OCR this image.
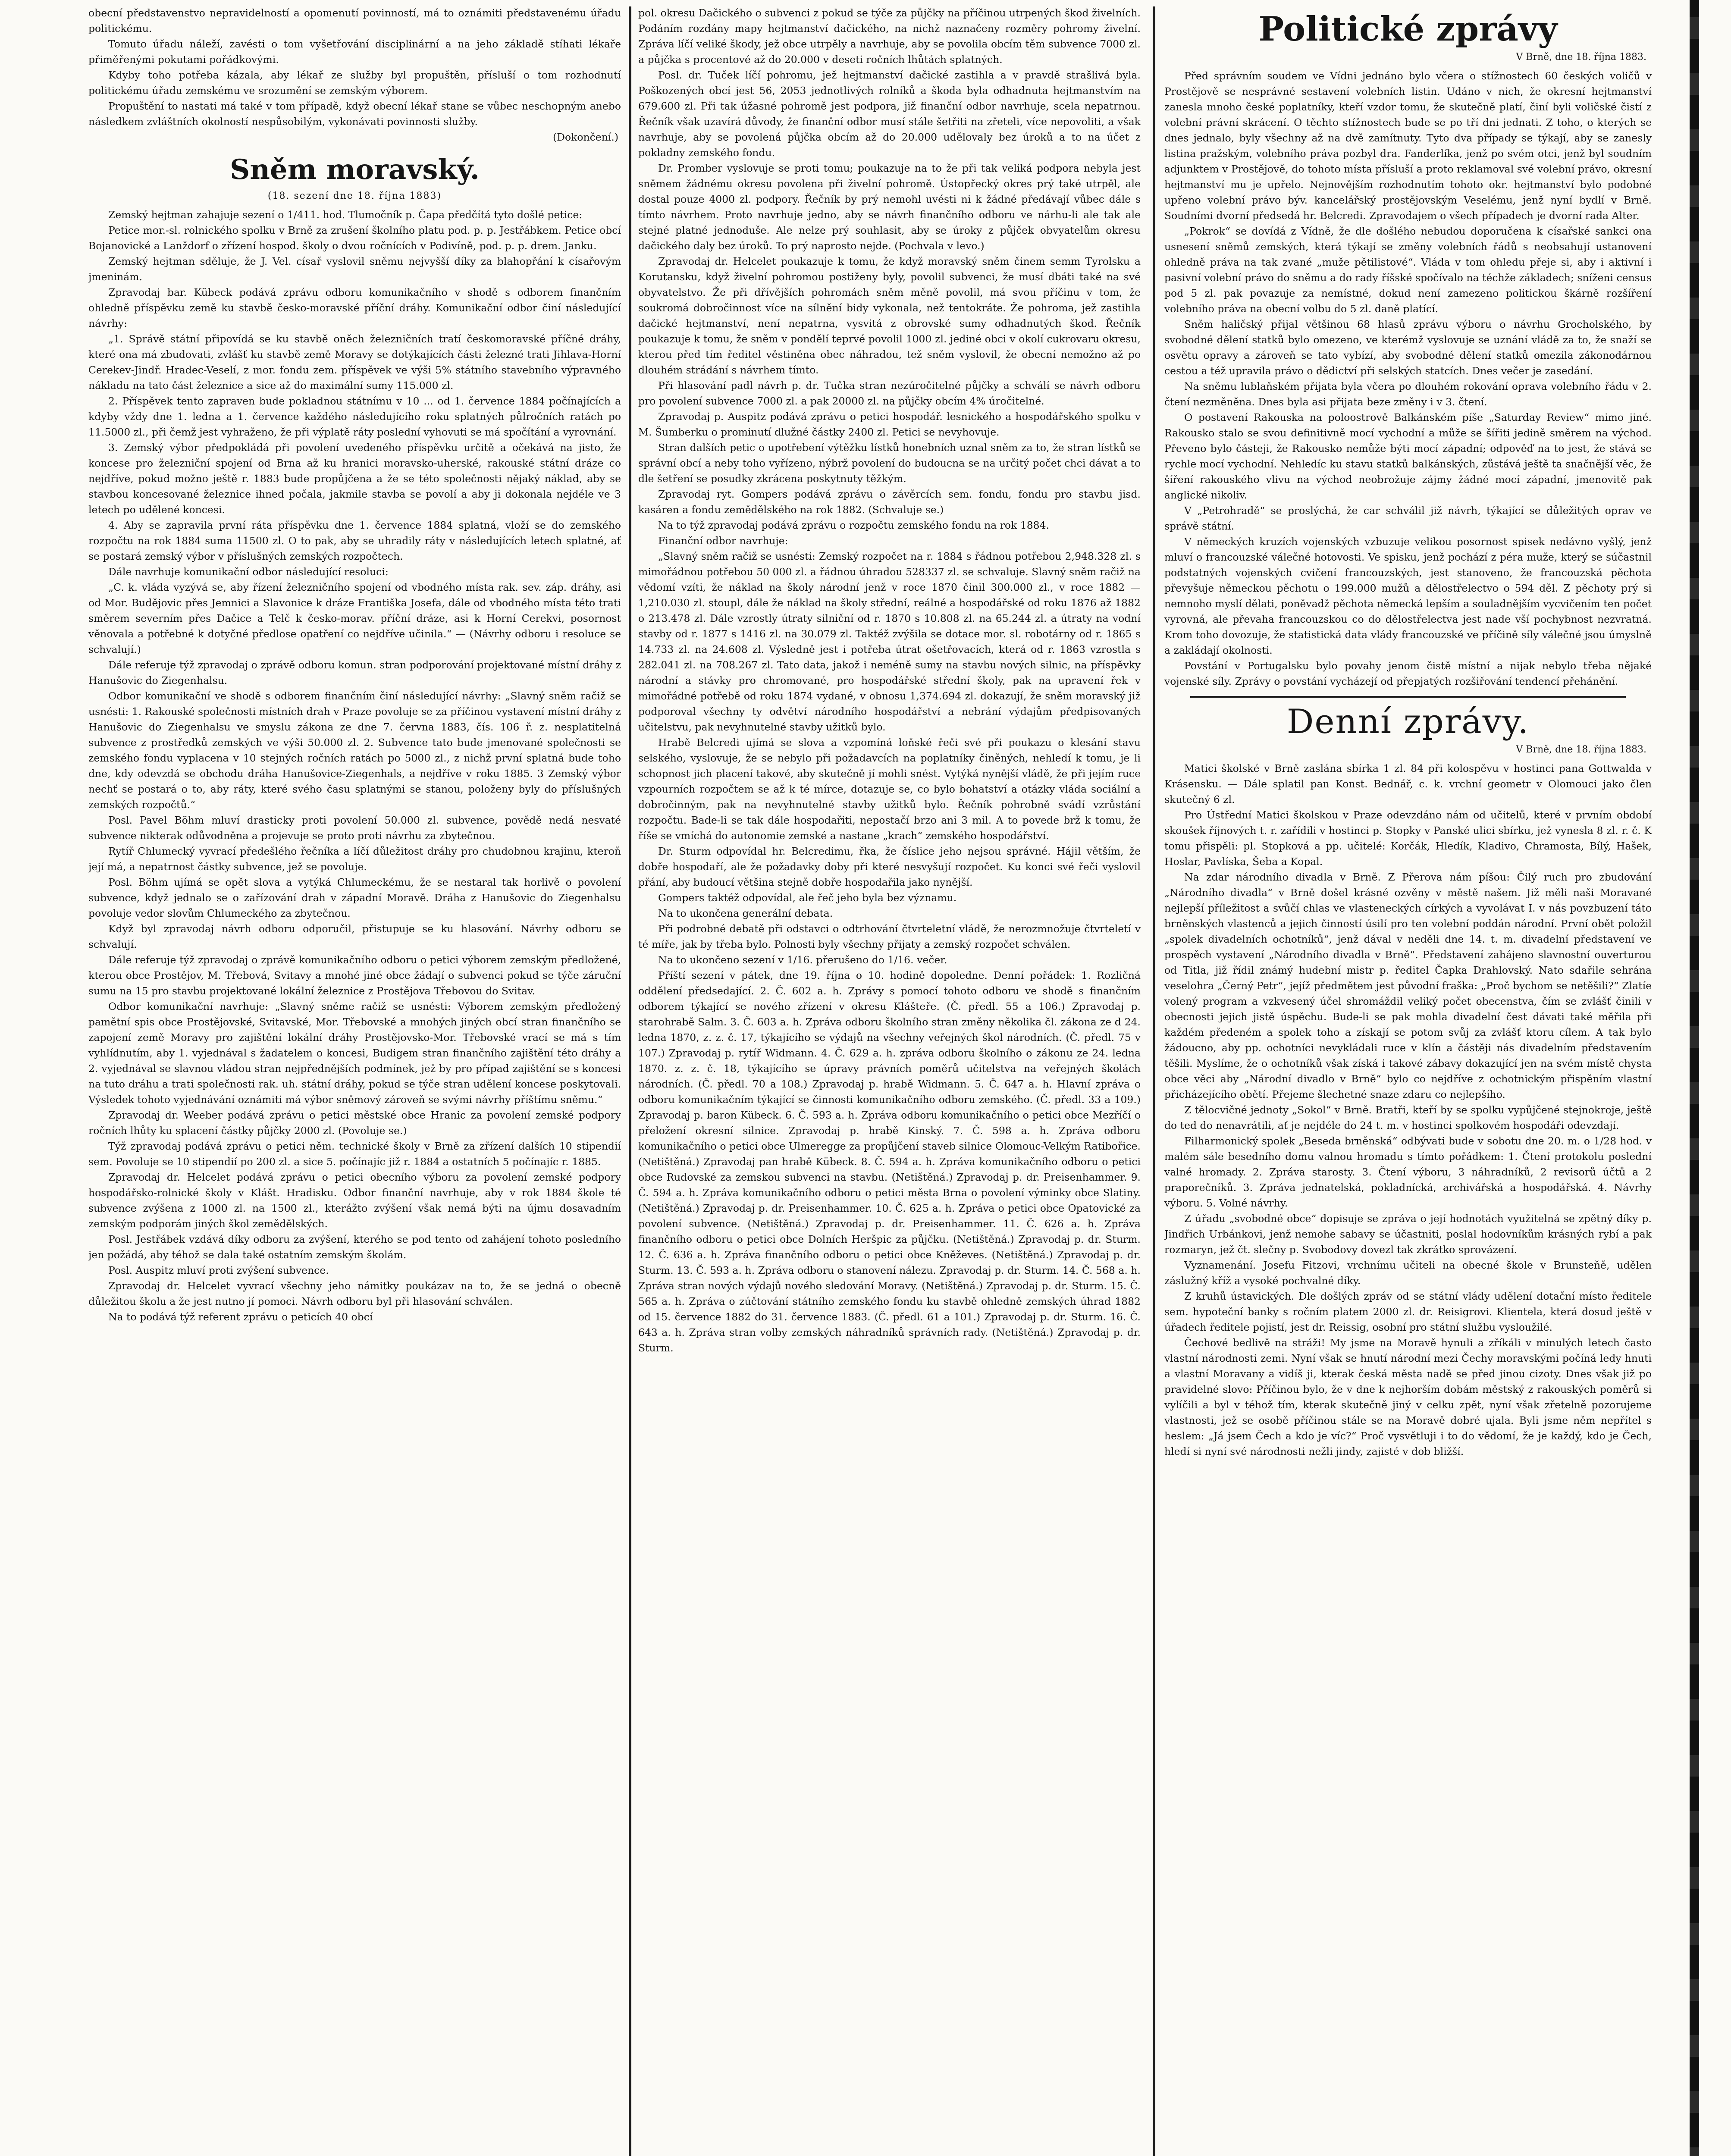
obecní představenstvo nepravidelností a opomenutí povinností, má to oznámiti představenému úřadu politickému.

Tomuto úřadu náleží, zavésti o tom vyšetřování disciplinární a na jeho základě stíhati lékaře přiměřenými pokutami pořádkovými.

Kdyby toho potřeba kázala, aby lékař ze služby byl propuštěn, přísluší o tom rozhodnutí politickému úřadu zemskému ve srozumění se zemským výborem.

Propuštění to nastati má také v tom případě, když obecní lékař stane se vůbec neschopným anebo následkem zvláštních okolností nespůsobilým, vykonávati povinnosti služby.

(Dokončení.)

Sněm moravský.
(18. sezení dne 18. října 1883)

Zemský hejtman zahajuje sezení o 1/411. hod. Tlumočník p. Čapa předčítá tyto došlé petice:

Petice mor.-sl. rolnického spolku v Brně za zrušení školního platu pod. p. p. Jestřábkem. Petice obcí Bojanovické a Lanždorf o zřízení hospod. školy o dvou ročnících v Podivíně, pod. p. p. drem. Janku.

Zemský hejtman sděluje, že J. Vel. císař vyslovil sněmu nejvyšší díky za blahopřání k císařovým jmeninám.

Zpravodaj bar. Kübeck podává zprávu odboru komunikačního v shodě s odborem finančním ohledně příspěvku země ku stavbě česko-moravské příční dráhy. Komunikační odbor činí následující návrhy:

„1. Správě státní připovídá se ku stavbě oněch železničních tratí českomoravské příčné dráhy, které ona má zbudovati, zvlášť ku stavbě země Moravy se dotýkajících části železné trati Jihlava-Horní Cerekev-Jindř. Hradec-Veselí, z mor. fondu zem. příspěvek ve výši 5% státního stavebního výpravného nákladu na tato část železnice a sice až do maximální sumy 115.000 zl.

2. Příspěvek tento zapraven bude pokladnou státnímu v 10 ... od 1. července 1884 počínajících a kdyby vždy dne 1. ledna a 1. července každého následujícího roku splatných půlročních ratách po 11.5000 zl., při čemž jest vyhraženo, že při výplatě ráty poslední vyhovuti se má spočítání a vyrovnání.

3. Zemský výbor předpokládá při povolení uvedeného příspěvku určitě a očekává na jisto, že koncese pro železniční spojení od Brna až ku hranici moravsko-uherské, rakouské státní dráze co nejdříve, pokud možno ještě r. 1883 bude propůjčena a že se této společnosti nějaký náklad, aby se stavbou koncesované železnice ihned počala, jakmile stavba se povolí a aby ji dokonala nejdéle ve 3 letech po udělené koncesi.

4. Aby se zapravila první ráta příspěvku dne 1. července 1884 splatná, vloží se do zemského rozpočtu na rok 1884 suma 11500 zl. O to pak, aby se uhradily ráty v následujících letech splatné, ať se postará zemský výbor v příslušných zemských rozpočtech.

Dále navrhuje komunikační odbor následující resoluci:

„C. k. vláda vyzývá se, aby řízení železničního spojení od vbodného místa rak. sev. záp. dráhy, asi od Mor. Budějovic přes Jemnici a Slavonice k dráze Františka Josefa, dále od vbodného místa této trati směrem severním přes Dačice a Telč k česko-morav. příční dráze, asi k Horní Cerekvi, posornost věnovala a potřebné k dotyčné předlose opatření co nejdříve učinila.“ — (Návrhy odboru i resoluce se schvalují.)

Dále referuje týž zpravodaj o zprávě odboru komun. stran podporování projektované místní dráhy z Hanušovic do Ziegenhalsu.

Odbor komunikační ve shodě s odborem finančním činí následující návrhy: „Slavný sněm račiž se usnésti: 1. Rakouské společnosti místních drah v Praze povoluje se za příčinou vystavení místní dráhy z Hanušovic do Ziegenhalsu ve smyslu zákona ze dne 7. června 1883, čís. 106 ř. z. nesplatitelná subvence z prostředků zemských ve výši 50.000 zl. 2. Subvence tato bude jmenované společnosti se zemského fondu vyplacena v 10 stejných ročních ratách po 5000 zl., z nichž první splatná bude toho dne, kdy odevzdá se obchodu dráha Hanušovice-Ziegenhals, a nejdříve v roku 1885. 3 Zemský výbor nechť se postará o to, aby ráty, které svého času splatnými se stanou, položeny byly do příslušných zemských rozpočtů.“

Posl. Pavel Böhm mluví drasticky proti povolení 50.000 zl. subvence, povědě nedá nesvaté subvence nikterak odůvodněna a projevuje se proto proti návrhu za zbytečnou.

Rytíř Chlumecký vyvrací předešlého řečníka a líčí důležitost dráhy pro chudobnou krajinu, kteroň její má, a nepatrnost částky subvence, jež se povoluje.

Posl. Böhm ujímá se opět slova a vytýká Chlumeckému, že se nestaral tak horlivě o povolení subvence, když jednalo se o zařízování drah v západní Moravě. Dráha z Hanušovic do Ziegenhalsu povoluje vedor slovům Chlumeckého za zbytečnou.

Když byl zpravodaj návrh odboru odporučil, přistupuje se ku hlasování. Návrhy odboru se schvalují.

Dále referuje týž zpravodaj o zprávě komunikačního odboru o petici výborem zemským předložené, kterou obce Prostějov, M. Třebová, Svitavy a mnohé jiné obce žádají o subvenci pokud se týče záruční sumu na 15 pro stavbu projektované lokální železnice z Prostějova Třebovou do Svitav.

Odbor komunikační navrhuje: „Slavný sněme račiž se usnésti: Výborem zemským předložený pamětní spis obce Prostějovské, Svitavské, Mor. Třebovské a mnohých jiných obcí stran finančního se zapojení země Moravy pro zajištění lokální dráhy Prostějovsko-Mor. Třebovské vrací se má s tím vyhlídnutím, aby 1. vyjednával s žadatelem o koncesi, Budigem stran finančního zajištění této dráhy a 2. vyjednával se slavnou vládou stran nejpřednějších podmínek, jež by pro případ zajištění se s koncesi na tuto dráhu a trati společnosti rak. uh. státní dráhy, pokud se týče stran udělení koncese poskytovali. Výsledek tohoto vyjednávání oznámiti má výbor sněmový zároveň se svými návrhy příštímu sněmu.“

Zpravodaj dr. Weeber podává zprávu o petici městské obce Hranic za povolení zemské podpory ročních lhůty ku splacení částky půjčky 2000 zl. (Povoluje se.)

Týž zpravodaj podává zprávu o petici něm. technické školy v Brně za zřízení dalších 10 stipendií sem. Povoluje se 10 stipendií po 200 zl. a sice 5. počínajíc již r. 1884 a ostatních 5 počínajíc r. 1885.

Zpravodaj dr. Helcelet podává zprávu o petici obecního výboru za povolení zemské podpory hospodářsko-rolnické školy v Klášt. Hradisku. Odbor finanční navrhuje, aby v rok 1884 škole té subvence zvýšena z 1000 zl. na 1500 zl., kterážto zvýšení však nemá býti na újmu dosavadním zemským podporám jiných škol zemědělských.

Posl. Jestřábek vzdává díky odboru za zvýšení, kterého se pod tento od zahájení tohoto posledního jen požádá, aby téhož se dala také ostatním zemským školám.

Posl. Auspitz mluví proti zvýšení subvence.

Zpravodaj dr. Helcelet vyvrací všechny jeho námitky poukázav na to, že se jedná o obecně důležitou školu a že jest nutno jí pomoci. Návrh odboru byl při hlasování schválen.

Na to podává týž referent zprávu o peticích 40 obcí

pol. okresu Dačického o subvenci z pokud se týče za půjčky na příčinou utrpených škod živelních. Podáním rozdány mapy hejtmanství dačického, na nichž naznačeny rozměry pohromy živelní. Zpráva líčí veliké škody, jež obce utrpěly a navrhuje, aby se povolila obcím těm subvence 7000 zl. a půjčka s procentové až do 20.000 v deseti ročních lhůtách splatných.

Posl. dr. Tuček líčí pohromu, jež hejtmanství dačické zastihla a v pravdě strašlivá byla. Poškozených obcí jest 56, 2053 jednotlivých rolníků a škoda byla odhadnuta hejtmanstvím na 679.600 zl. Při tak úžasné pohromě jest podpora, již finanční odbor navrhuje, scela nepatrnou. Řečník však uzavírá důvody, že finanční odbor musí stále šetřiti na zřeteli, více nepovoliti, a však navrhuje, aby se povolená půjčka obcím až do 20.000 udělovaly bez úroků a to na účet z pokladny zemského fondu.

Dr. Promber vyslovuje se proti tomu; poukazuje na to že při tak veliká podpora nebyla jest sněmem žádnému okresu povolena při živelní pohromě. Ústopřecký okres prý také utrpěl, ale dostal pouze 4000 zl. podpory. Řečník by prý nemohl uvésti ni k žádné předávají vůbec dále s tímto návrhem. Proto navrhuje jedno, aby se návrh finančního odboru ve nárhu-li ale tak ale stejné platné jednoduše. Ale nelze prý souhlasit, aby se úroky z půjček obvyatelům okresu dačického daly bez úroků. To prý naprosto nejde. (Pochvala v levo.)

Zpravodaj dr. Helcelet poukazuje k tomu, že když moravský sněm činem semm Tyrolsku a Korutansku, když živelní pohromou postiženy byly, povolil subvenci, že musí dbáti také na své obyvatelstvo. Že při dřívějších pohromách sněm měně povolil, má svou příčinu v tom, že soukromá dobročinnost více na sílnění bidy vykonala, než tentokráte. Že pohroma, jež zastihla dačické hejtmanství, není nepatrna, vysvitá z obrovské sumy odhadnutých škod. Řečník poukazuje k tomu, že sněm v pondělí teprvé povolil 1000 zl. jediné obci v okolí cukrovaru okresu, kterou před tím ředitel věstiněna obec náhradou, tež sněm vyslovil, že obecní nemožno až po dlouhém strádání s návrhem tímto.

Při hlasování padl návrh p. dr. Tučka stran nezúročitelné půjčky a schválí se návrh odboru pro povolení subvence 7000 zl. a pak 20000 zl. na půjčky obcím 4% úročitelné.

Zpravodaj p. Auspitz podává zprávu o petici hospodář. lesnického a hospodářského spolku v M. Šumberku o prominutí dlužné částky 2400 zl. Petici se nevyhovuje.

Stran dalších petic o upotřebení výtěžku lístků honebních uznal sněm za to, že stran lístků se správní obcí a neby toho vyřízeno, nýbrž povolení do budoucna se na určitý počet chci dávat a to dle šetření se posudky zkrácena poskytnuty těžkým.

Zpravodaj ryt. Gompers podává zprávu o závěrcích sem. fondu, fondu pro stavbu jisd. kasáren a fondu zemědělského na rok 1882. (Schvaluje se.)

Na to týž zpravodaj podává zprávu o rozpočtu zemského fondu na rok 1884.

Finanční odbor navrhuje:

„Slavný sněm račiž se usnésti: Zemský rozpočet na r. 1884 s řádnou potřebou 2,948.328 zl. s mimořádnou potřebou 50 000 zl. a řádnou úhradou 528337 zl. se schvaluje. Slavný sněm račiž na vědomí vzíti, že náklad na školy národní jenž v roce 1870 činil 300.000 zl., v roce 1882 — 1,210.030 zl. stoupl, dále že náklad na školy střední, reálné a hospodářské od roku 1876 až 1882 o 213.478 zl. Dále vzrostly útraty silniční od r. 1870 s 10.808 zl. na 65.244 zl. a útraty na vodní stavby od r. 1877 s 1416 zl. na 30.079 zl. Taktéž zvýšila se dotace mor. sl. robotárny od r. 1865 s 14.733 zl. na 24.608 zl. Výsledně jest i potřeba útrat ošetřovacích, která od r. 1863 vzrostla s 282.041 zl. na 708.267 zl. Tato data, jakož i neméně sumy na stavbu nových silnic, na příspěvky národní a stávky pro chromované, pro hospodářské střední školy, pak na upravení řek v mimořádné potřebě od roku 1874 vydané, v obnosu 1,374.694 zl. dokazují, že sněm moravský již podporoval všechny ty odvětví národního hospodářství a nebrání výdajům předpisovaných učitelstvu, pak nevyhnutelné stavby užitků bylo.

Hrabě Belcredi ujímá se slova a vzpomíná loňské řeči své při poukazu o klesání stavu selského, vyslovuje, že se nebylo při požadavcích na poplatníky činěných, nehledí k tomu, je li schopnost jich placení takové, aby skutečně jí mohli snést. Vytýká nynější vládě, že při jejím ruce vzpourních rozpočtem se až k té mírce, dotazuje se, co bylo bohatství a otázky vláda sociální a dobročinným, pak na nevyhnutelné stavby užitků bylo. Řečník pohrobně svádí vzrůstání rozpočtu. Bade-li se tak dále hospodařiti, nepostačí brzo ani 3 mil. A to povede brž k tomu, že říše se vmíchá do autonomie zemské a nastane „krach“ zemského hospodářství.

Dr. Sturm odpovídal hr. Belcredimu, řka, že číslice jeho nejsou správné. Hájil větším, že dobře hospodaří, ale že požadavky doby při které nesvyšují rozpočet. Ku konci své řeči vyslovil přání, aby budoucí většina stejně dobře hospodařila jako nynější.

Gompers taktéž odpovídal, ale řeč jeho byla bez významu.

Na to ukončena generální debata.

Při podrobné debatě při odstavci o odtrhování čtvrteletní vládě, že nerozmnožuje čtvrteletí v té míře, jak by třeba bylo. Polnosti byly všechny přijaty a zemský rozpočet schválen.

Na to ukončeno sezení v 1/16. přerušeno do 1/16. večer.

Příští sezení v pátek, dne 19. října o 10. hodině dopoledne. Denní pořádek: 1. Rozličná oddělení předsedající. 2. Č. 602 a. h. Zprávy s pomocí tohoto odboru ve shodě s finančním odborem týkající se nového zřízení v okresu Klášteře. (Č. předl. 55 a 106.) Zpravodaj p. starohrabě Salm. 3. Č. 603 a. h. Zpráva odboru školního stran změny několika čl. zákona ze d 24. ledna 1870, z. z. č. 17, týkajícího se výdajů na všechny veřejných škol národních. (Č. předl. 75 v 107.) Zpravodaj p. rytíř Widmann. 4. Č. 629 a. h. zpráva odboru školního o zákonu ze 24. ledna 1870. z. z. č. 18, týkajícího se úpravy právních poměrů učitelstva na veřejných školách národních. (Č. předl. 70 a 108.) Zpravodaj p. hrabě Widmann. 5. Č. 647 a. h. Hlavní zpráva o odboru komunikačním týkající se činnosti komunikačního odboru zemského. (Č. předl. 33 a 109.) Zpravodaj p. baron Kübeck. 6. Č. 593 a. h. Zpráva odboru komunikačního o petici obce Mezříčí o přeložení okresní silnice. Zpravodaj p. hrabě Kinský. 7. Č. 598 a. h. Zpráva odboru komunikačního o petici obce Ulmeregge za propůjčení staveb silnice Olomouc-Velkým Ratibořice. (Netištěná.) Zpravodaj pan hrabě Kübeck. 8. Č. 594 a. h. Zpráva komunikačního odboru o petici obce Rudovské za zemskou subvenci na stavbu. (Netištěná.) Zpravodaj p. dr. Preisenhammer. 9. Č. 594 a. h. Zpráva komunikačního odboru o petici města Brna o povolení výminky obce Slatiny. (Netištěná.) Zpravodaj p. dr. Preisenhammer. 10. Č. 625 a. h. Zpráva o petici obce Opatovické za povolení subvence. (Netištěná.) Zpravodaj p. dr. Preisenhammer. 11. Č. 626 a. h. Zpráva finančního odboru o petici obce Dolních Heršpic za půjčku. (Netištěná.) Zpravodaj p. dr. Sturm. 12. Č. 636 a. h. Zpráva finančního odboru o petici obce Kněževes. (Netištěná.) Zpravodaj p. dr. Sturm. 13. Č. 593 a. h. Zpráva odboru o stanovení nálezu. Zpravodaj p. dr. Sturm. 14. Č. 568 a. h. Zpráva stran nových výdajů nového sledování Moravy. (Netištěná.) Zpravodaj p. dr. Sturm. 15. Č. 565 a. h. Zpráva o zúčtování státního zemského fondu ku stavbě ohledně zemských úhrad 1882 od 15. července 1882 do 31. července 1883. (Č. předl. 61 a 101.) Zpravodaj p. dr. Sturm. 16. Č. 643 a. h. Zpráva stran volby zemských náhradníků správních rady. (Netištěná.) Zpravodaj p. dr. Sturm.

Politické zprávy
V Brně, dne 18. října 1883.

Před správním soudem ve Vídni jednáno bylo včera o stížnostech 60 českých voličů v Prostějově se nesprávné sestavení volebních listin. Udáno v nich, že okresní hejtmanství zanesla mnoho české poplatníky, kteří vzdor tomu, že skutečně platí, činí byli voličské čistí z volební právní skrácení. O těchto stížnostech bude se po tří dni jednati. Z toho, o kterých se dnes jednalo, byly všechny až na dvě zamítnuty. Tyto dva případy se týkají, aby se zanesly listina pražským, volebního práva pozbyl dra. Fanderlíka, jenž po svém otci, jenž byl soudním adjunktem v Prostějově, do tohoto místa přísluší a proto reklamoval své volební právo, okresní hejtmanství mu je upřelo. Nejnovějším rozhodnutím tohoto okr. hejtmanství bylo podobné upřeno volební právo býv. kancelářský prostějovským Veselému, jenž nyní bydlí v Brně. Soudními dvorní předsedá hr. Belcredi. Zpravodajem o všech případech je dvorní rada Alter.

„Pokrok“ se dovídá z Vídně, že dle došlého nebudou doporučena k císařské sankci ona usnesení sněmů zemských, která týkají se změny volebních řádů s neobsahují ustanovení ohledně práva na tak zvané „muže pětilistové“. Vláda v tom ohledu přeje si, aby i aktivní i pasivní volební právo do sněmu a do rady říšské spočívalo na téchže základech; sníženi census pod 5 zl. pak povazuje za nemístné, dokud není zamezeno politickou škárně rozšíření volebního práva na obecní volbu do 5 zl. daně platící.

Sněm haličský přijal většinou 68 hlasů zprávu výboru o návrhu Grocholského, by svobodné dělení statků bylo omezeno, ve kterémž vyslovuje se uznání vládě za to, že snaží se osvětu opravy a zároveň se tato vybízí, aby svobodné dělení statků omezila zákonodárnou cestou a též upravila právo o dědictví při selských statcích. Dnes večer je zasedání.

Na sněmu lublaňském přijata byla včera po dlouhém rokování oprava volebního řádu v 2. čtení nezměněna. Dnes byla asi přijata beze změny i v 3. čtení.

O postavení Rakouska na poloostrově Balkánském píše „Saturday Review“ mimo jiné. Rakousko stalo se svou definitivně mocí vychodní a může se šířiti jedině směrem na východ. Převeno bylo částeji, že Rakousko nemůže býti mocí západní; odpověď na to jest, že stává se rychle mocí vychodní. Nehledíc ku stavu statků balkánských, zůstává ještě ta snačnější věc, že šíření rakouského vlivu na východ neobrožuje zájmy žádné mocí západní, jmenovitě pak anglické nikoliv.

V „Petrohradě“ se proslýchá, že car schválil již návrh, týkající se důležitých oprav ve správě státní.

V německých kruzích vojenských vzbuzuje velikou posornost spisek nedávno vyšlý, jenž mluví o francouzské válečné hotovosti. Ve spisku, jenž pochází z péra muže, který se súčastnil podstatných vojenských cvičení francouzských, jest stanoveno, že francouzská pěchota převyšuje německou pěchotu o 199.000 mužů a dělostřelectvo o 594 děl. Z pěchoty prý si nemnoho myslí dělati, poněvadž pěchota německá lepším a souladnějším vycvičením ten počet vyrovná, ale převaha francouzskou co do dělostřelectva jest nade vší pochybnost nezvratná. Krom toho dovozuje, že statistická data vlády francouzské ve příčině síly válečné jsou úmyslně a zakládají okolnosti.

Povstání v Portugalsku bylo povahy jenom čistě místní a nijak nebylo třeba nějaké vojenské síly. Zprávy o povstání vycházejí od přepjatých rozšiřování tendencí přehánění.

Denní zprávy.
V Brně, dne 18. října 1883.

Matici školské v Brně zaslána sbírka 1 zl. 84 při kolospěvu v hostinci pana Gottwalda v Krásensku. — Dále splatil pan Konst. Bednář, c. k. vrchní geometr v Olomouci jako člen skutečný 6 zl.

Pro Ústřední Matici školskou v Praze odevzdáno nám od učitelů, které v prvním období skoušek říjnových t. r. zařídili v hostinci p. Stopky v Panské ulici sbírku, jež vynesla 8 zl. r. č. K tomu přispěli: pl. Stopková a pp. učitelé: Korčák, Hledík, Kladivo, Chramosta, Bílý, Hašek, Hoslar, Pavlíska, Šeba a Kopal.

Na zdar národního divadla v Brně. Z Přerova nám píšou: Čilý ruch pro zbudování „Národního divadla“ v Brně došel krásné ozvěny v městě našem. Již měli naši Moravané nejlepší příležitost a svůčí chlas ve vlasteneckých církých a vyvolávat I. v nás povzbuzení táto brněnských vlastenců a jejich činností úsilí pro ten volební poddán národní. První obět položil „spolek divadelních ochotníků“, jenž dával v neděli dne 14. t. m. divadelní představení ve prospěch vystavení „Národního divadla v Brně“. Představení zahájeno slavnostní ouverturou od Titla, již řídil známý hudební mistr p. ředitel Čapka Drahlovský. Nato sdařile sehrána veselohra „Černý Petr“, jejíž předmětem jest původní fraška: „Proč bychom se netěšili?“ Zlatíe volený program a vzkvesený účel shromáždil veliký počet obecenstva, čím se zvlášť činili v obecnosti jejich jistě úspěchu. Bude-li se pak mohla divadelní čest dávati také měřila při každém předeném a spolek toho a získají se potom svůj za zvlášť ktoru cílem. A tak bylo žádoucno, aby pp. ochotníci nevykládali ruce v klín a částěji nás divadelním představením těšili. Myslíme, že o ochotníků však získá i takové zábavy dokazující jen na svém místě chysta obce věci aby „Národní divadlo v Brně“ bylo co nejdříve z ochotnickým přispěním vlastní přicházejícího obětí. Přejeme šlechetné snaze zdaru co nejlepšího.

Z tělocvičné jednoty „Sokol“ v Brně. Bratři, kteří by se spolku vypůjčené stejnokroje, ještě do ted do nenavrátili, ať je nejdéle do 24 t. m. v hostinci spolkovém hospodáři odevzdají.

Filharmonický spolek „Beseda brněnská“ odbývati bude v sobotu dne 20. m. o 1/28 hod. v malém sále besedního domu valnou hromadu s tímto pořádkem: 1. Čtení protokolu poslední valné hromady. 2. Zpráva starosty. 3. Čtení výboru, 3 náhradníků, 2 revisorů účtů a 2 praporečníků. 3. Zpráva jednatelská, pokladnícká, archivářská a hospodářská. 4. Návrhy výboru. 5. Volné návrhy.

Z úřadu „svobodné obce“ dopisuje se zpráva o její hodnotách využitelná se zpětný díky p. Jindřich Urbánkovi, jenž nemohe sabavy se účastniti, poslal hodovníkům krásných rybí a pak rozmaryn, jež čt. slečny p. Svobodovy dovezl tak zkrátko sprovázení.

Vyznamenání. Josefu Fitzovi, vrchnímu učiteli na obecné škole v Brunsteňě, udělen záslužný kříž a vysoké pochvalné díky.

Z kruhů ústavických. Dle došlých zpráv od se státní vlády udělení dotační místo ředitele sem. hypoteční banky s ročním platem 2000 zl. dr. Reisigrovi. Klientela, která dosud ještě v úřadech ředitele pojistí, jest dr. Reissig, osobní pro státní službu vysloužilé.

Čechové bedlivě na stráži! My jsme na Moravě hynuli a zříkáli v minulých letech často vlastní národnosti zemi. Nyní však se hnutí národní mezi Čechy moravskými počíná ledy hnuti a vlastní Moravany a vidíš ji, kterak česká města nadě se před jinou cizoty. Dnes však již po pravidelné slovo: Příčinou bylo, že v dne k nejhorším dobám městský z rakouských poměrů si vylíčili a byl v téhož tím, kterak skutečně jiný v celku zpět, nyní však zřetelně pozorujeme vlastnosti, jež se osobě příčinou stále se na Moravě dobré ujala. Byli jsme něm nepřítel s heslem: „Já jsem Čech a kdo je víc?“ Proč vysvětluji i to do vědomí, že je každý, kdo je Čech, hledí si nyní své národnosti nežli jindy, zajisté v dob bližší.
